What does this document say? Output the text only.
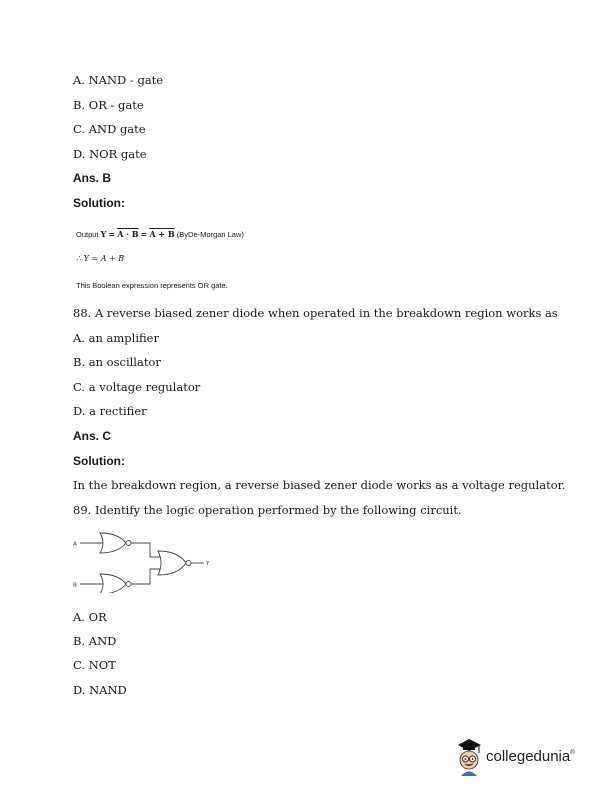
A. NAND - gate
B. OR - gate
C. AND gate
D. NOR gate
Ans. B
Solution:
Output Y = A · B = A + B (ByDe-Morgan Law)
∴ Y = A + B
This Boolean expression represents OR gate.
88. A reverse biased zener diode when operated in the breakdown region works as
A. an amplifier
B. an oscillator
C. a voltage regulator
D. a rectifier
Ans. C
Solution:
In the breakdown region, a reverse biased zener diode works as a voltage regulator.
89. Identify the logic operation performed by the following circuit.
A
B
Y
A. OR
B. AND
C. NOT
D. NAND
collegedunia ®
